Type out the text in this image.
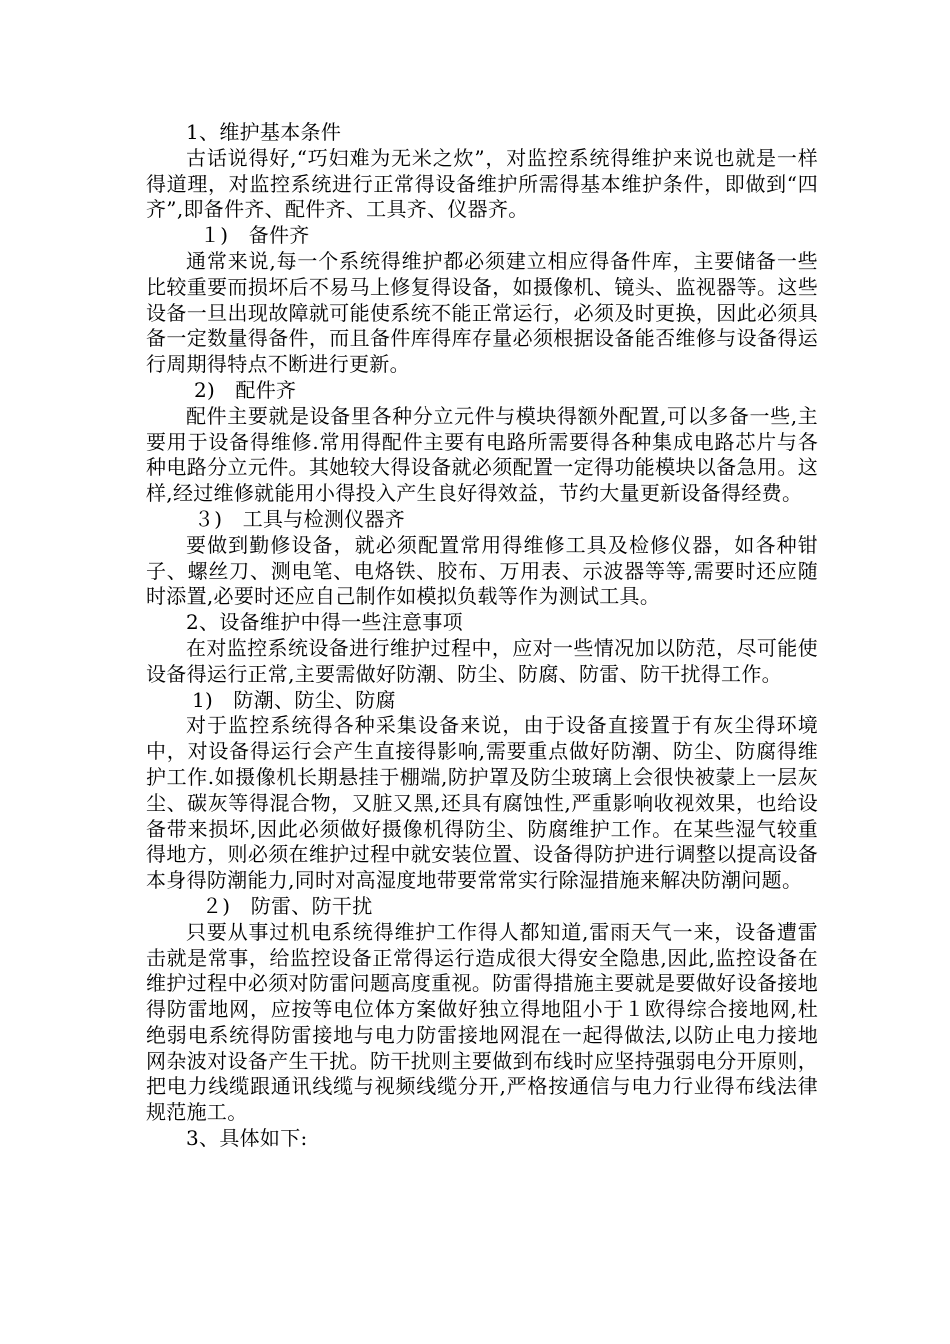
1、维护基本条件
古话说得好,“巧妇难为无米之炊”，对监控系统得维护来说也就是一样得道理，对监控系统进行正常得设备维护所需得基本维护条件，即做到“四齐”,即备件齐、配件齐、工具齐、仪器齐。
１)　备件齐
通常来说,每一个系统得维护都必须建立相应得备件库，主要储备一些比较重要而损坏后不易马上修复得设备，如摄像机、镜头、监视器等。这些设备一旦出现故障就可能使系统不能正常运行，必须及时更换，因此必须具备一定数量得备件，而且备件库得库存量必须根据设备能否维修与设备得运行周期得特点不断进行更新。
2)　配件齐
配件主要就是设备里各种分立元件与模块得额外配置,可以多备一些,主要用于设备得维修.常用得配件主要有电路所需要得各种集成电路芯片与各种电路分立元件。其她较大得设备就必须配置一定得功能模块以备急用。这样,经过维修就能用小得投入产生良好得效益，节约大量更新设备得经费。
３)　工具与检测仪器齐
要做到勤修设备，就必须配置常用得维修工具及检修仪器，如各种钳子、螺丝刀、测电笔、电烙铁、胶布、万用表、示波器等等,需要时还应随时添置,必要时还应自己制作如模拟负载等作为测试工具。
2、设备维护中得一些注意事项
在对监控系统设备进行维护过程中，应对一些情况加以防范，尽可能使设备得运行正常,主要需做好防潮、防尘、防腐、防雷、防干扰得工作。
1)　防潮、防尘、防腐
对于监控系统得各种采集设备来说，由于设备直接置于有灰尘得环境中，对设备得运行会产生直接得影响,需要重点做好防潮、防尘、防腐得维护工作.如摄像机长期悬挂于棚端,防护罩及防尘玻璃上会很快被蒙上一层灰尘、碳灰等得混合物，又脏又黑,还具有腐蚀性,严重影响收视效果，也给设备带来损坏,因此必须做好摄像机得防尘、防腐维护工作。在某些湿气较重得地方，则必须在维护过程中就安装位置、设备得防护进行调整以提高设备本身得防潮能力,同时对高湿度地带要常常实行除湿措施来解决防潮问题。
２)　防雷、防干扰
只要从事过机电系统得维护工作得人都知道,雷雨天气一来，设备遭雷击就是常事，给监控设备正常得运行造成很大得安全隐患,因此,监控设备在维护过程中必须对防雷问题高度重视。防雷得措施主要就是要做好设备接地得防雷地网，应按等电位体方案做好独立得地阻小于１欧得综合接地网,杜绝弱电系统得防雷接地与电力防雷接地网混在一起得做法,以防止电力接地网杂波对设备产生干扰。防干扰则主要做到布线时应坚持强弱电分开原则，把电力线缆跟通讯线缆与视频线缆分开,严格按通信与电力行业得布线法律规范施工。
3、具体如下:
